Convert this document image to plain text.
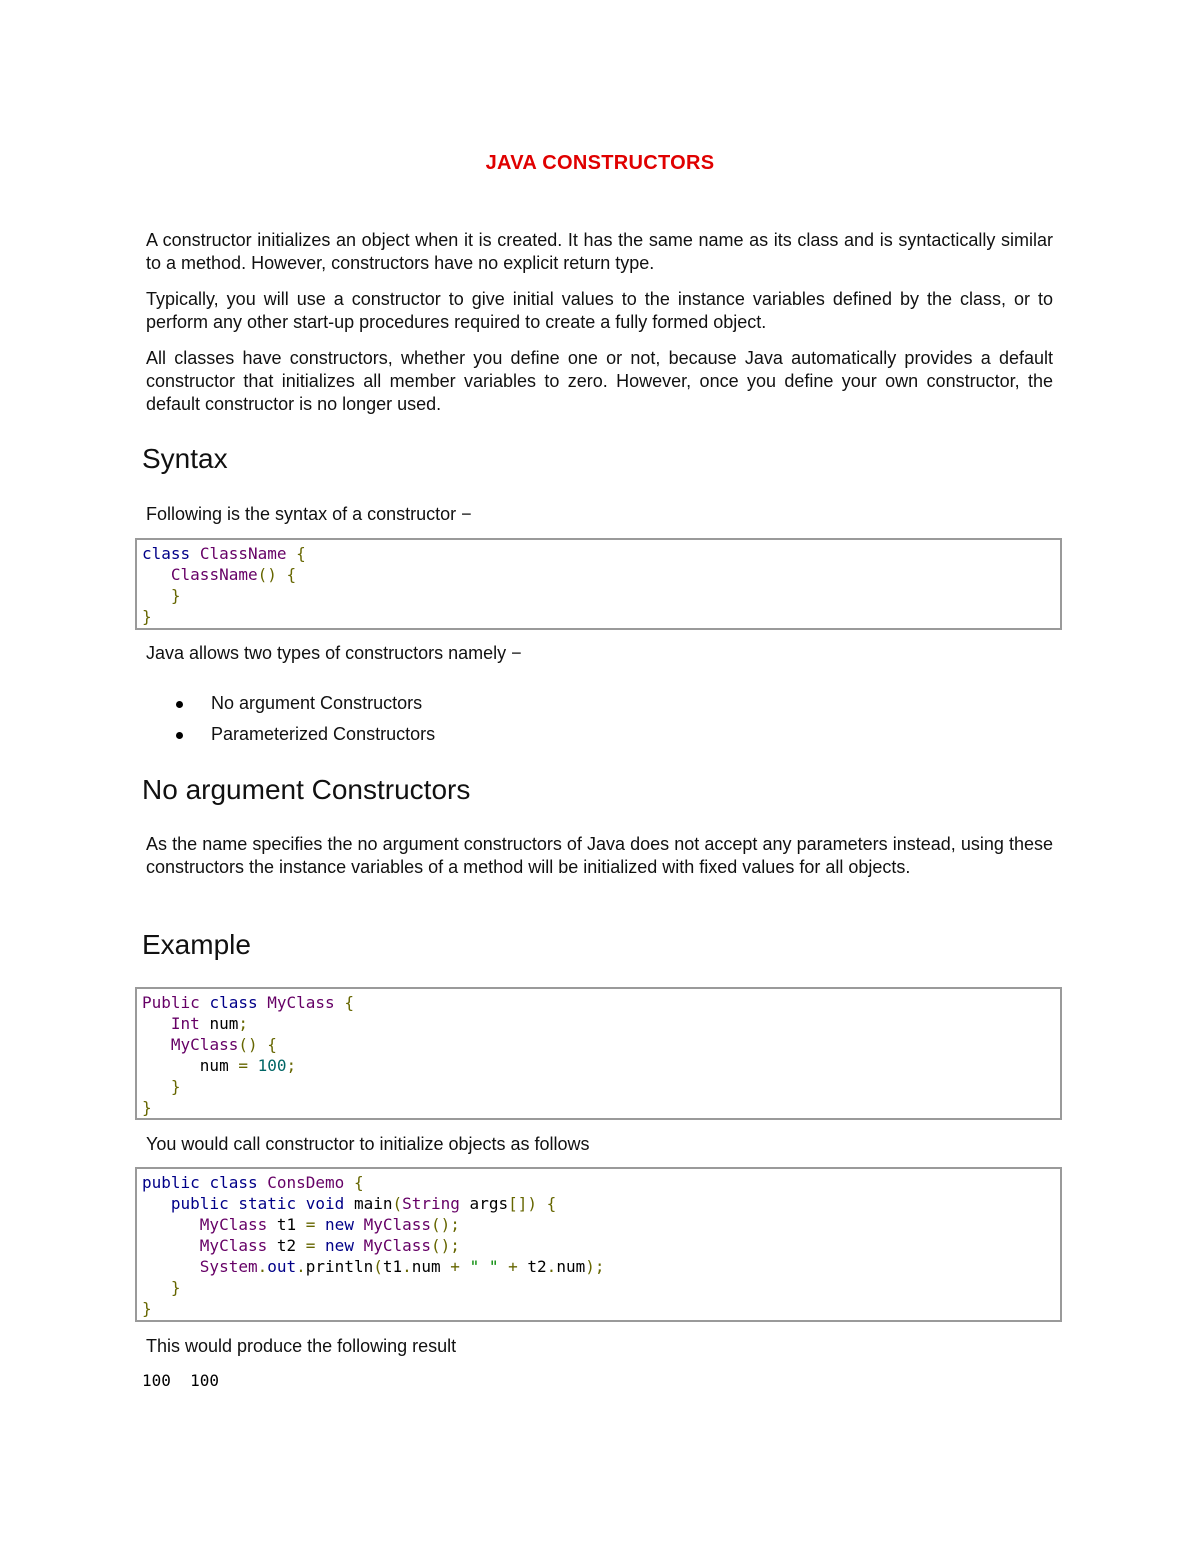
JAVA CONSTRUCTORS
A constructor initializes an object when it is created. It has the same name as its class and is syntactically similar to a method. However, constructors have no explicit return type.
Typically, you will use a constructor to give initial values to the instance variables defined by the class, or to perform any other start-up procedures required to create a fully formed object.
All classes have constructors, whether you define one or not, because Java automatically provides a default constructor that initializes all member variables to zero. However, once you define your own constructor, the default constructor is no longer used.
Syntax
Following is the syntax of a constructor −
class ClassName {
ClassName() {
}
}
Java allows two types of constructors namely −
No argument Constructors
Parameterized Constructors
No argument Constructors
As the name specifies the no argument constructors of Java does not accept any parameters instead, using these constructors the instance variables of a method will be initialized with fixed values for all objects.
Example
Public class MyClass {
Int num;
MyClass() {
num = 100;
}
}
You would call constructor to initialize objects as follows
public class ConsDemo {
public static void main(String args[]) {
MyClass t1 = new MyClass();
MyClass t2 = new MyClass();
System.out.println(t1.num + " " + t2.num);
}
}
This would produce the following result
100  100
